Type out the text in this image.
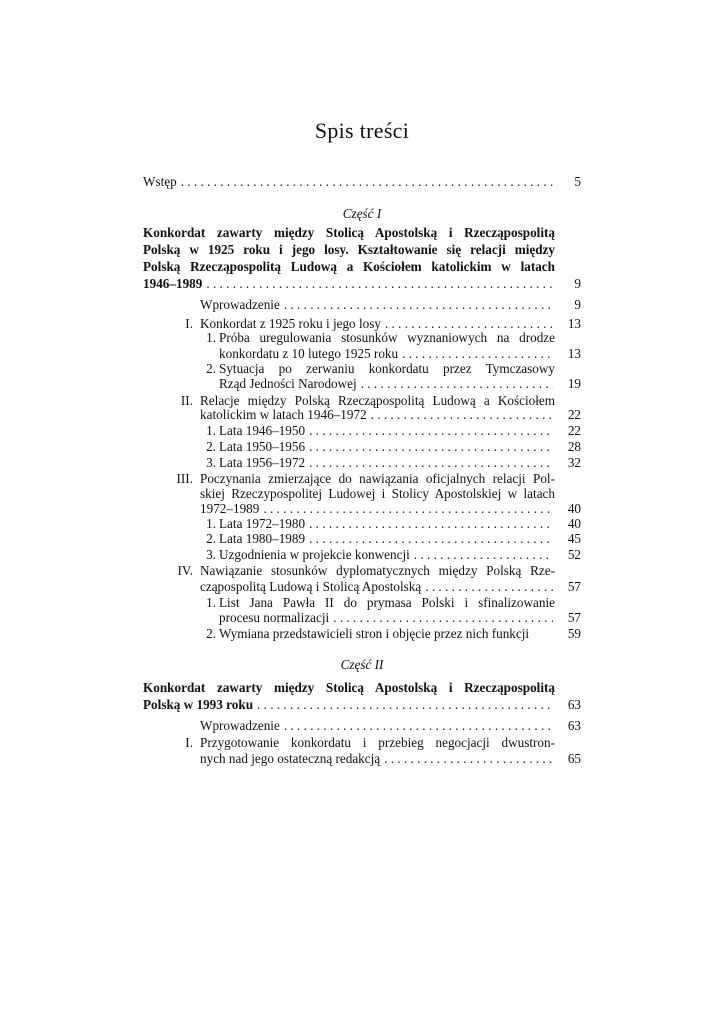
Spis treści
Wstęp . . .	5
Część I
Konkordat zawarty między Stolicą Apostolską i Rzecząpospolitą
Polską w 1925 roku i jego losy. Kształtowanie się relacji między
Polską Rzecząpospolitą Ludową a Kościołem katolickim w latach
1946–1989 . . .	9
Wprowadzenie . . .	9
I. Konkordat z 1925 roku i jego losy . . .	13
1. Próba uregulowania stosunków wyznaniowych na drodze
konkordatu z 10 lutego 1925 roku . . .	13
2. Sytuacja po zerwaniu konkordatu przez Tymczasowy
Rząd Jedności Narodowej . . .	19
II. Relacje między Polską Rzecząpospolitą Ludową a Kościołem
katolickim w latach 1946–1972 . . .	22
1. Lata 1946–1950 . . .	22
2. Lata 1950–1956 . . .	28
3. Lata 1956–1972 . . .	32
III. Poczynania zmierzające do nawiązania oficjalnych relacji Pol-
skiej Rzeczypospolitej Ludowej i Stolicy Apostolskiej w latach
1972–1989 . . .	40
1. Lata 1972–1980 . . .	40
2. Lata 1980–1989 . . .	45
3. Uzgodnienia w projekcie konwencji . . .	52
IV. Nawiązanie stosunków dyplomatycznych między Polską Rze-
cząpospolitą Ludową i Stolicą Apostolską . . .	57
1. List Jana Pawła II do prymasa Polski i sfinalizowanie
procesu normalizacji . . .	57
2. Wymiana przedstawicieli stron i objęcie przez nich funkcji	59
Część II
Konkordat zawarty między Stolicą Apostolską i Rzecząpospolitą
Polską w 1993 roku . . .	63
Wprowadzenie . . .	63
I. Przygotowanie konkordatu i przebieg negocjacji dwustron-
nych nad jego ostateczną redakcją . . .	65
